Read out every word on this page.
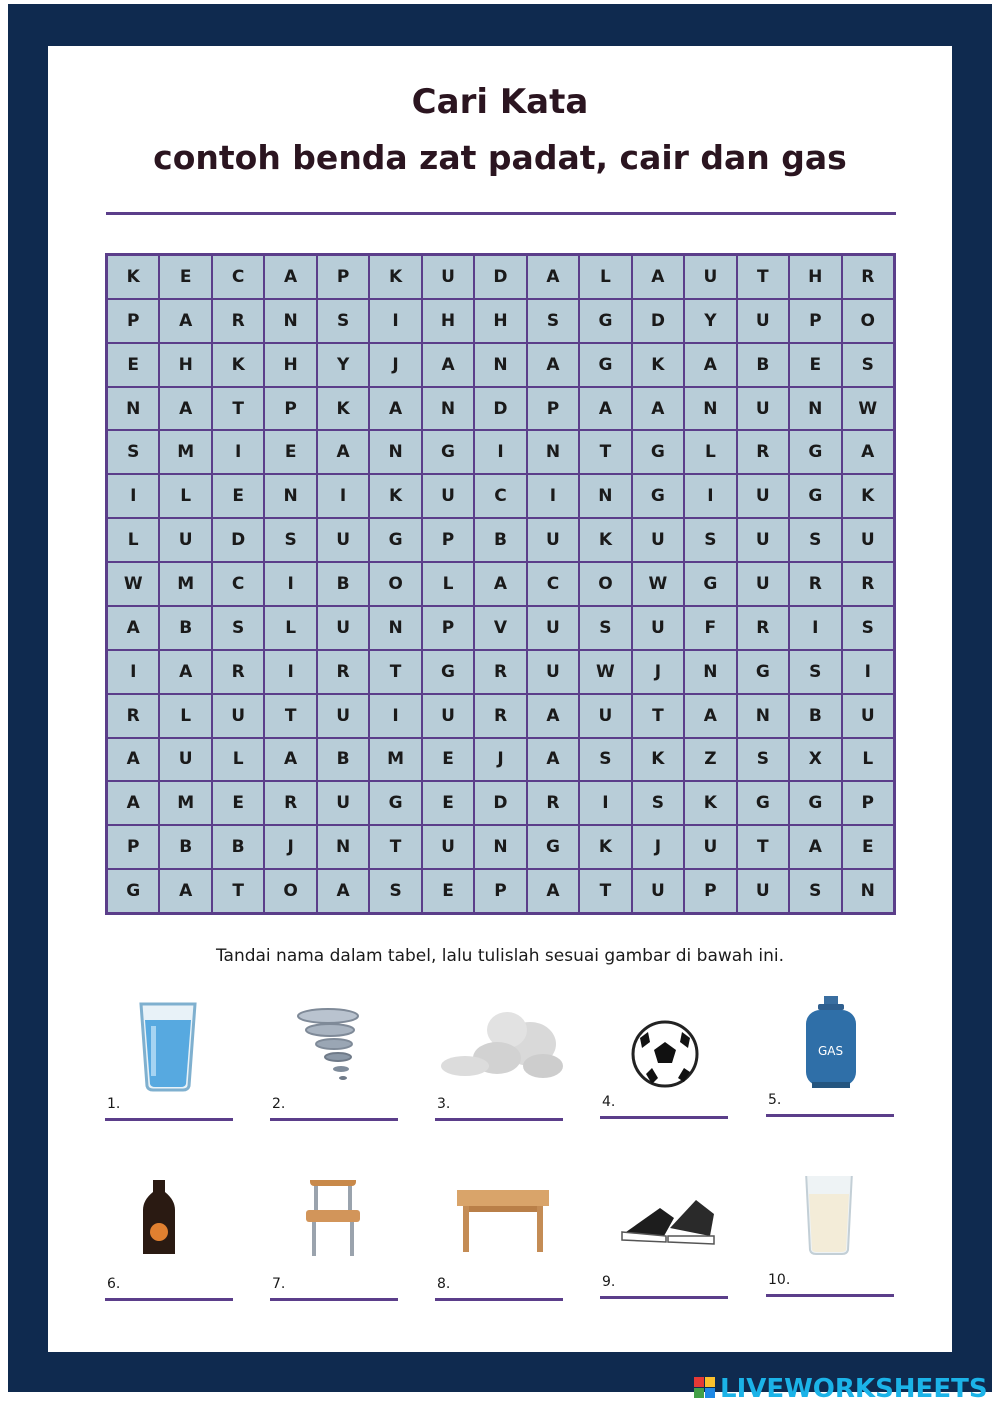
Cari Kata
contoh benda zat padat, cair dan gas
K	E	C	A	P	K	U	D	A	L	A	U	T	H	R
P	A	R	N	S	I	H	H	S	G	D	Y	U	P	O
E	H	K	H	Y	J	A	N	A	G	K	A	B	E	S
N	A	T	P	K	A	N	D	P	A	A	N	U	N	W
S	M	I	E	A	N	G	I	N	T	G	L	R	G	A
I	L	E	N	I	K	U	C	I	N	G	I	U	G	K
L	U	D	S	U	G	P	B	U	K	U	S	U	S	U
W	M	C	I	B	O	L	A	C	O	W	G	U	R	R
A	B	S	L	U	N	P	V	U	S	U	F	R	I	S
I	A	R	I	R	T	G	R	U	W	J	N	G	S	I
R	L	U	T	U	I	U	R	A	U	T	A	N	B	U
A	U	L	A	B	M	E	J	A	S	K	Z	S	X	L
A	M	E	R	U	G	E	D	R	I	S	K	G	G	P
P	B	B	J	N	T	U	N	G	K	J	U	T	A	E
G	A	T	O	A	S	E	P	A	T	U	P	U	S	N
Tandai nama dalam tabel, lalu tulislah sesuai gambar di bawah ini.
1.	2.	3.	4.
GAS
5.
6.	7.	8.	9.	10.
LIVEWORKSHEETS
